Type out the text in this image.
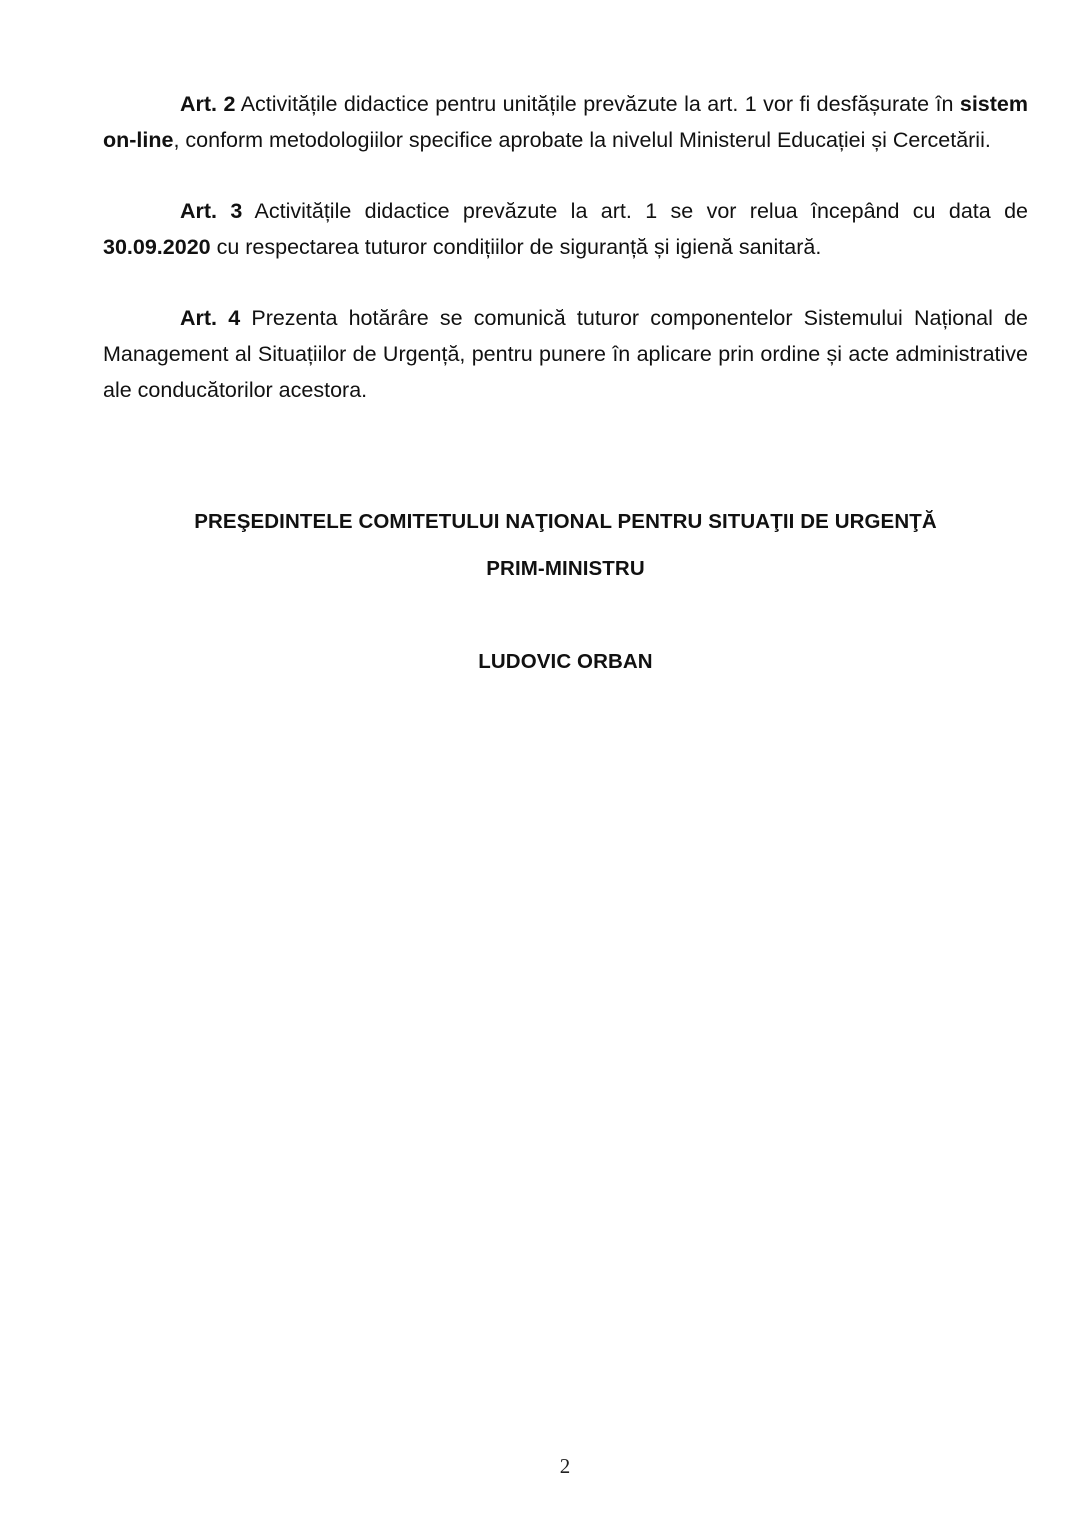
Art. 2 Activitățile didactice pentru unitățile prevăzute la art. 1 vor fi desfășurate în sistem on-line, conform metodologiilor specifice aprobate la nivelul Ministerul Educației și Cercetării.

Art. 3 Activitățile didactice prevăzute la art. 1 se vor relua începând cu data de 30.09.2020 cu respectarea tuturor condițiilor de siguranță și igienă sanitară.

Art. 4 Prezenta hotărâre se comunică tuturor componentelor Sistemului Național de Management al Situațiilor de Urgență, pentru punere în aplicare prin ordine și acte administrative ale conducătorilor acestora.

PREŞEDINTELE COMITETULUI NAŢIONAL PENTRU SITUAŢII DE URGENŢĂ

PRIM-MINISTRU

LUDOVIC ORBAN

2
